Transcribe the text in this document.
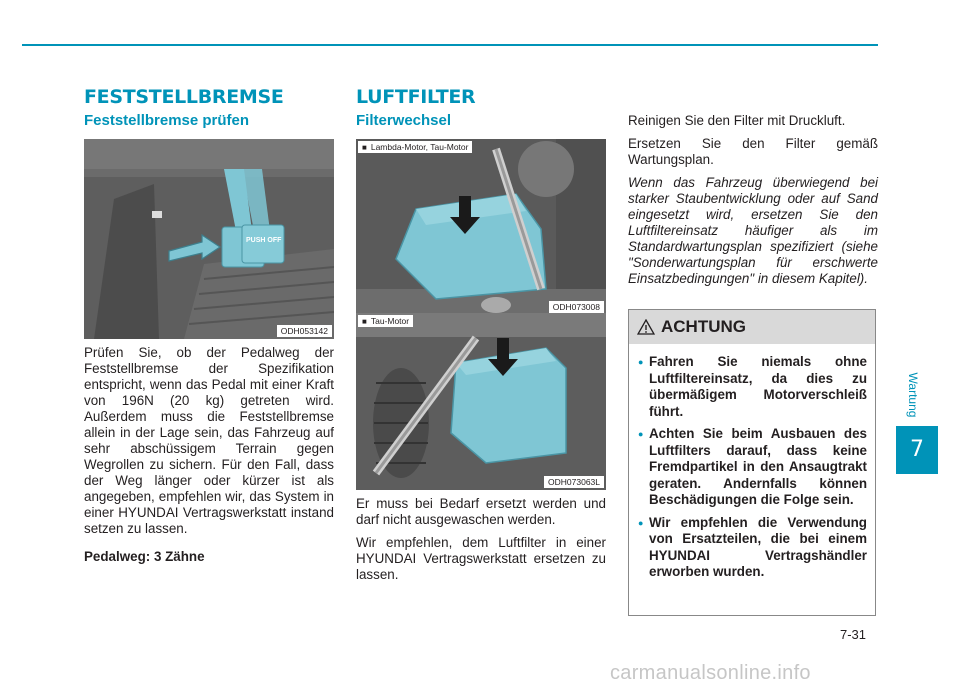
FESTSTELLBREMSE
Feststellbremse prüfen
PUSH OFF
ODH053142

Prüfen Sie, ob der Pedalweg der Feststellbremse der Spezifikation entspricht, wenn das Pedal mit einer Kraft von 196N (20 kg) getreten wird. Außerdem muss die Feststellbremse allein in der Lage sein, das Fahrzeug auf sehr abschüssigem Terrain gegen Wegrollen zu sichern. Für den Fall, dass der Weg länger oder kürzer ist als angegeben, empfehlen wir, das System in einer HYUNDAI Vertragswerkstatt instand setzen zu lassen.

Pedalweg: 3 Zähne

LUFTFILTER
Filterwechsel
■ Lambda-Motor, Tau-Motor
ODH073008
■ Tau-Motor
ODH073063L

Er muss bei Bedarf ersetzt werden und darf nicht ausgewaschen werden.

Wir empfehlen, dem Luftfilter in einer HYUNDAI Vertragswerkstatt ersetzen zu lassen.

Reinigen Sie den Filter mit Druckluft.

Ersetzen Sie den Filter gemäß Wartungsplan.

Wenn das Fahrzeug überwiegend bei starker Staubentwicklung oder auf Sand eingesetzt wird, ersetzen Sie den Luftfiltereinsatz häufiger als im Standardwartungsplan spezifiziert (siehe "Sonderwartungsplan für erschwerte Einsatzbedingungen" in diesem Kapitel).

ACHTUNG
● Fahren Sie niemals ohne Luftfiltereinsatz, da dies zu übermäßigem Motorverschleiß führt.
● Achten Sie beim Ausbauen des Luftfilters darauf, dass keine Fremdpartikel in den Ansaugtrakt geraten. Andernfalls können Beschädigungen die Folge sein.
● Wir empfehlen die Verwendung von Ersatzteilen, die bei einem HYUNDAI Vertragshändler erworben wurden.
Wartung
7
7-31
carmanualsonline.info
